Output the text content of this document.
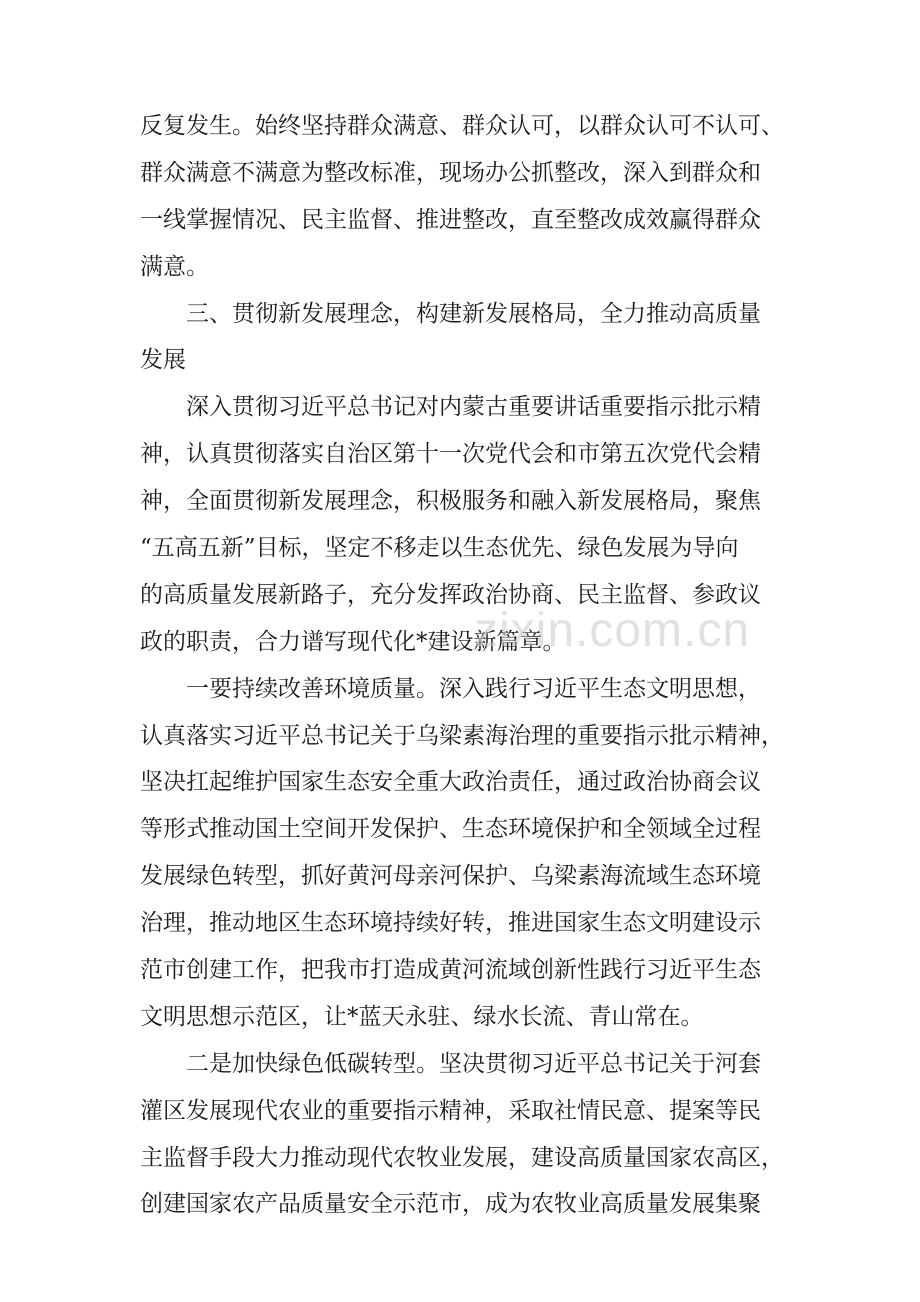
反复发生。始终坚持群众满意、群众认可，以群众认可不认可、
群众满意不满意为整改标准，现场办公抓整改，深入到群众和
一线掌握情况、民主监督、推进整改，直至整改成效赢得群众
满意。
三、贯彻新发展理念，构建新发展格局，全力推动高质量
发展
深入贯彻习近平总书记对内蒙古重要讲话重要指示批示精
神，认真贯彻落实自治区第十一次党代会和市第五次党代会精
神，全面贯彻新发展理念，积极服务和融入新发展格局，聚焦
“五高五新”目标，坚定不移走以生态优先、绿色发展为导向
的高质量发展新路子，充分发挥政治协商、民主监督、参政议
政的职责，合力谱写现代化*建设新篇章。
一要持续改善环境质量。深入践行习近平生态文明思想，
认真落实习近平总书记关于乌梁素海治理的重要指示批示精神，
坚决扛起维护国家生态安全重大政治责任，通过政治协商会议
等形式推动国土空间开发保护、生态环境保护和全领域全过程
发展绿色转型，抓好黄河母亲河保护、乌梁素海流域生态环境
治理，推动地区生态环境持续好转，推进国家生态文明建设示
范市创建工作，把我市打造成黄河流域创新性践行习近平生态
文明思想示范区，让*蓝天永驻、绿水长流、青山常在。
二是加快绿色低碳转型。坚决贯彻习近平总书记关于河套
灌区发展现代农业的重要指示精神，采取社情民意、提案等民
主监督手段大力推动现代农牧业发展，建设高质量国家农高区，
创建国家农产品质量安全示范市，成为农牧业高质量发展集聚
zixin.com.cn
